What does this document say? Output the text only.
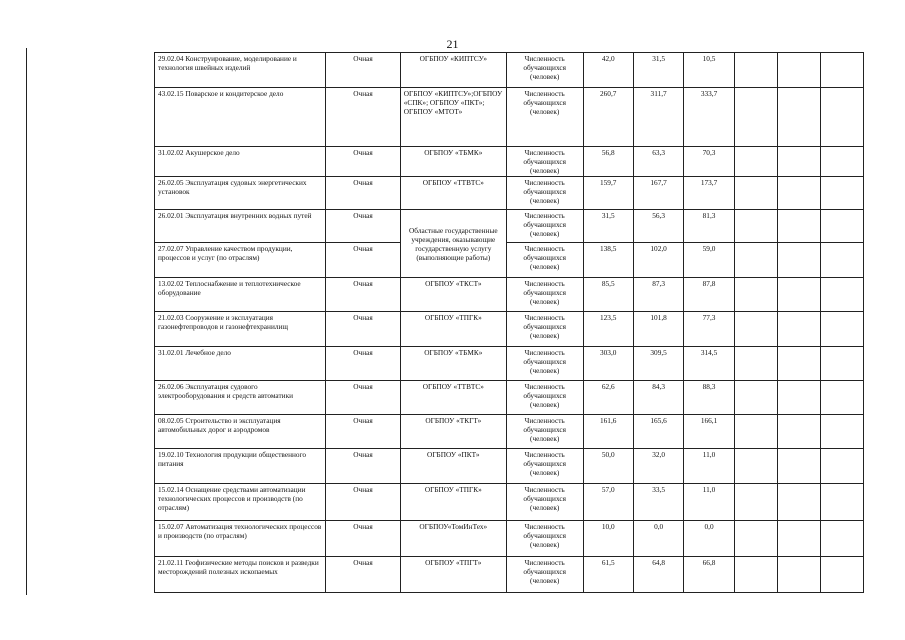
21
29.02.04 Конструирование, моделирование и технология швейных изделий	Очная	ОГБПОУ «КИПТСУ»	Численность обучающихся (человек)	42,0	31,5	10,5			
43.02.15 Поварское и кондитерское дело	Очная	ОГБПОУ «КИПТСУ»;ОГБПОУ «СПК»; ОГБПОУ «ПКТ»; ОГБПОУ «МТОТ»	Численность обучающихся (человек)	260,7	311,7	333,7			
31.02.02 Акушерское дело	Очная	ОГБПОУ «ТБМК»	Численность обучающихся (человек)	56,8	63,3	70,3			
26.02.05 Эксплуатация судовых энергетических установок	Очная	ОГБПОУ «ТТВТС»	Численность обучающихся (человек)	159,7	167,7	173,7			
26.02.01 Эксплуатация внутренних водных путей	Очная	Областные государственные учреждения, оказывающие государственную услугу (выполняющие работы)	Численность обучающихся (человек)	31,5	56,3	81,3			
27.02.07 Управление качеством продукции, процессов и услуг (по отраслям)	Очная		Численность обучающихся (человек)	138,5	102,0	59,0			
13.02.02 Теплоснабжение и теплотехническое оборудование	Очная	ОГБПОУ «ТКСТ»	Численность обучающихся (человек)	85,5	87,3	87,8			
21.02.03 Сооружение и эксплуатация газонефтепроводов и газонефтехранилищ	Очная	ОГБПОУ «ТПГК»	Численность обучающихся (человек)	123,5	101,8	77,3			
31.02.01 Лечебное дело	Очная	ОГБПОУ «ТБМК»	Численность обучающихся (человек)	303,0	309,5	314,5			
26.02.06 Эксплуатация судового электрооборудования и средств автоматики	Очная	ОГБПОУ «ТТВТС»	Численность обучающихся (человек)	62,6	84,3	88,3			
08.02.05 Строительство и эксплуатация автомобильных дорог и аэродромов	Очная	ОГБПОУ «ТКГТ»	Численность обучающихся (человек)	161,6	165,6	166,1			
19.02.10 Технология продукции общественного питания	Очная	ОГБПОУ «ПКТ»	Численность обучающихся (человек)	50,0	32,0	11,0			
15.02.14 Оснащение средствами автоматизации технологических процессов и производств (по отраслям)	Очная	ОГБПОУ «ТПГК»	Численность обучающихся (человек)	57,0	33,5	11,0			
15.02.07 Автоматизация технологических процессов и производств (по отраслям)	Очная	ОГБПОУ«ТомИнТех»	Численность обучающихся (человек)	10,0	0,0	0,0			
21.02.11 Геофизические методы поисков и разведки месторождений полезных ископаемых	Очная	ОГБПОУ «ТПГТ»	Численность обучающихся (человек)	61,5	64,8	66,8			
